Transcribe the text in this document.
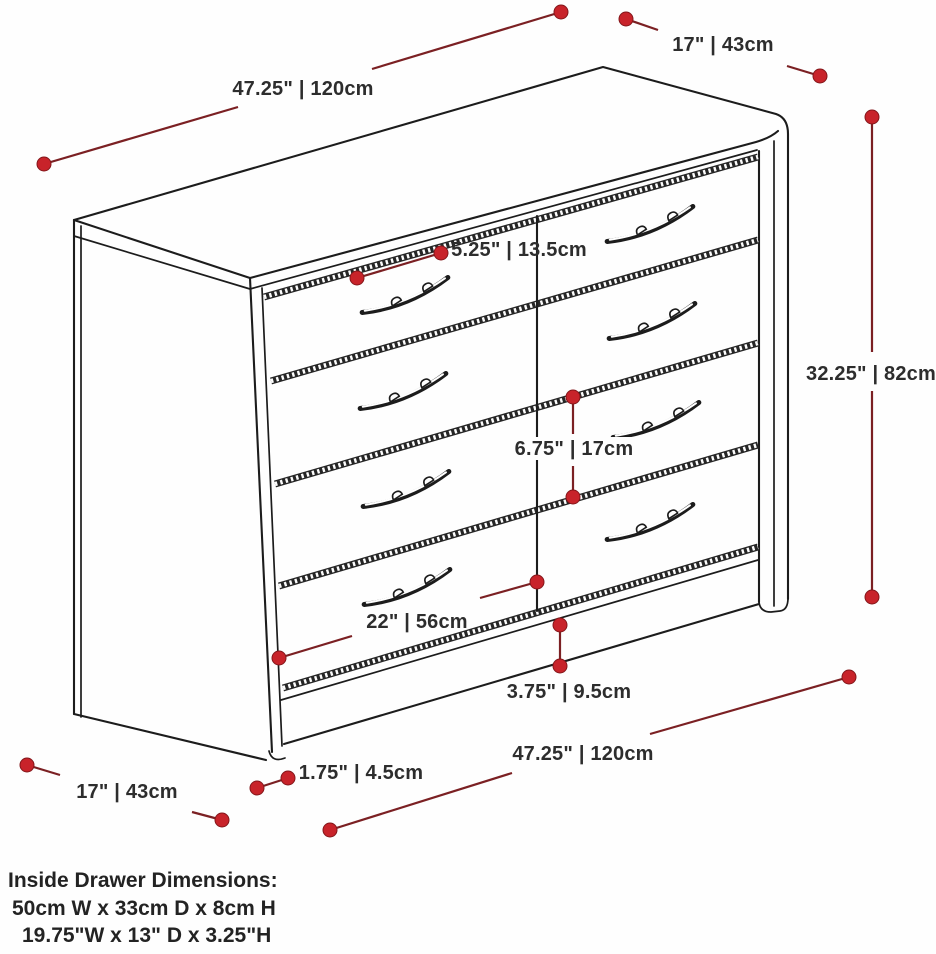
47.25" | 120cm
17" | 43cm
32.25" | 82cm
5.25" | 13.5cm
6.75" | 17cm
22" | 56cm
3.75" | 9.5cm
47.25" | 120cm
17" | 43cm
1.75" | 4.5cm
Inside Drawer Dimensions:
50cm W x 33cm D x 8cm H
19.75"W x 13" D x 3.25"H
